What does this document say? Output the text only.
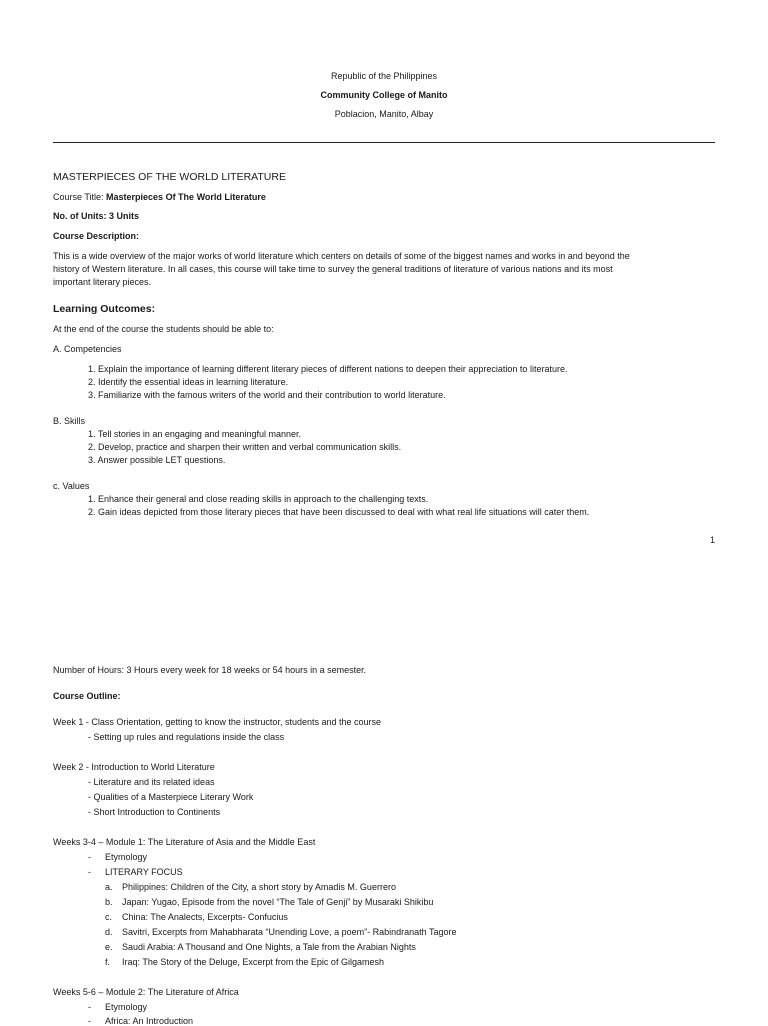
Republic of the Philippines
Community College of Manito
Poblacion, Manito, Albay
MASTERPIECES OF THE WORLD LITERATURE
Course Title: Masterpieces Of The World Literature
No. of Units: 3 Units
Course Description:
This is a wide overview of the major works of world literature which centers on details of some of the biggest names and works in and beyond the
history of Western literature. In all cases, this course will take time to survey the general traditions of literature of various nations and its most
important literary pieces.
Learning Outcomes:
At the end of the course the students should be able to:
A. Competencies
1. Explain the importance of learning different literary pieces of different nations to deepen their appreciation to literature.
2. Identify the essential ideas in learning literature.
3. Familiarize with the famous writers of the world and their contribution to world literature.
B. Skills
1. Tell stories in an engaging and meaningful manner.
2. Develop, practice and sharpen their written and verbal communication skills.
3. Answer possible LET questions.
c. Values
1. Enhance their general and close reading skills in approach to the challenging texts.
2. Gain ideas depicted from those literary pieces that have been discussed to deal with what real life situations will cater them.
1
Number of Hours: 3 Hours every week for 18 weeks or 54 hours in a semester.
Course Outline:
Week 1 - Class Orientation, getting to know the instructor, students and the course
- Setting up rules and regulations inside the class
Week 2 - Introduction to World Literature
- Literature and its related ideas
- Qualities of a Masterpiece Literary Work
- Short Introduction to Continents
Weeks 3-4 – Module 1: The Literature of Asia and the Middle East
- Etymology
- LITERARY FOCUS
a. Philippines: Children of the City, a short story by Amadis M. Guerrero
b. Japan: Yugao, Episode from the novel “The Tale of Genji” by Musaraki Shikibu
c. China: The Analects, Excerpts- Confucius
d. Savitri, Excerpts from Mahabharata “Unending Love, a poem”- Rabindranath Tagore
e. Saudi Arabia: A Thousand and One Nights, a Tale from the Arabian Nights
f. Iraq: The Story of the Deluge, Excerpt from the Epic of Gilgamesh
Weeks 5-6 – Module 2: The Literature of Africa
- Etymology
- Africa: An Introduction
